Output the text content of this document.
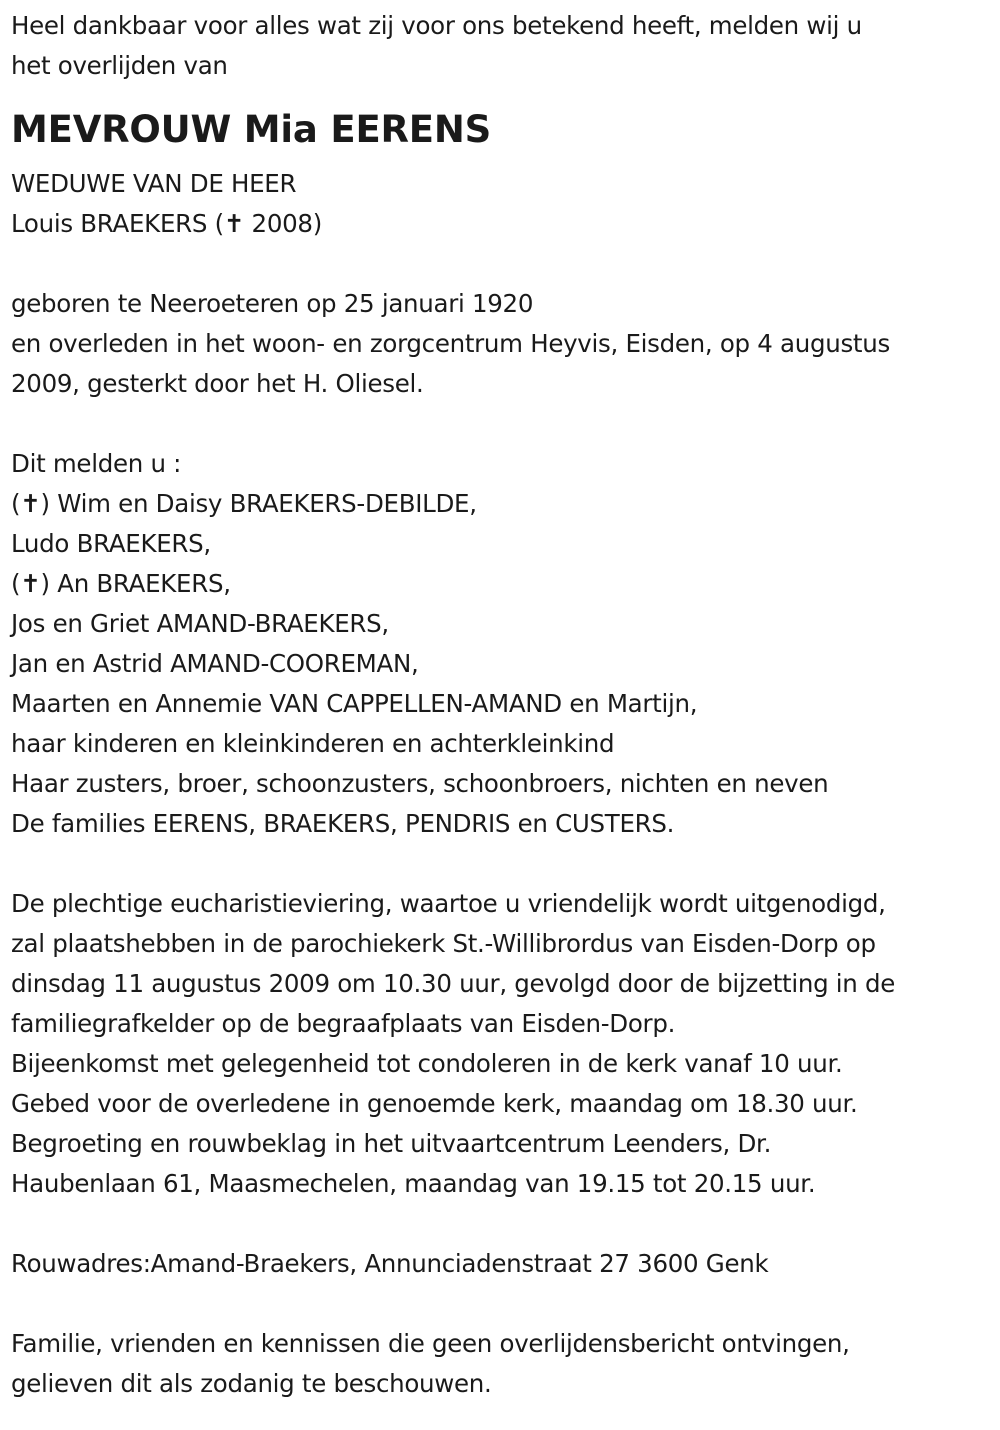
Heel dankbaar voor alles wat zij voor ons betekend heeft, melden wij u
het overlijden van
MEVROUW Mia EERENS
WEDUWE VAN DE HEER
Louis BRAEKERS (✝ 2008)
geboren te Neeroeteren op 25 januari 1920
en overleden in het woon- en zorgcentrum Heyvis, Eisden, op 4 augustus
2009, gesterkt door het H. Oliesel.
Dit melden u :
(✝) Wim en Daisy BRAEKERS-DEBILDE,
Ludo BRAEKERS,
(✝) An BRAEKERS,
Jos en Griet AMAND-BRAEKERS,
Jan en Astrid AMAND-COOREMAN,
Maarten en Annemie VAN CAPPELLEN-AMAND en Martijn,
haar kinderen en kleinkinderen en achterkleinkind
Haar zusters, broer, schoonzusters, schoonbroers, nichten en neven
De families EERENS, BRAEKERS, PENDRIS en CUSTERS.
De plechtige eucharistieviering, waartoe u vriendelijk wordt uitgenodigd,
zal plaatshebben in de parochiekerk St.-Willibrordus van Eisden-Dorp op
dinsdag 11 augustus 2009 om 10.30 uur, gevolgd door de bijzetting in de
familiegrafkelder op de begraafplaats van Eisden-Dorp.
Bijeenkomst met gelegenheid tot condoleren in de kerk vanaf 10 uur.
Gebed voor de overledene in genoemde kerk, maandag om 18.30 uur.
Begroeting en rouwbeklag in het uitvaartcentrum Leenders, Dr.
Haubenlaan 61, Maasmechelen, maandag van 19.15 tot 20.15 uur.
Rouwadres:Amand-Braekers, Annunciadenstraat 27 3600 Genk
Familie, vrienden en kennissen die geen overlijdensbericht ontvingen,
gelieven dit als zodanig te beschouwen.
